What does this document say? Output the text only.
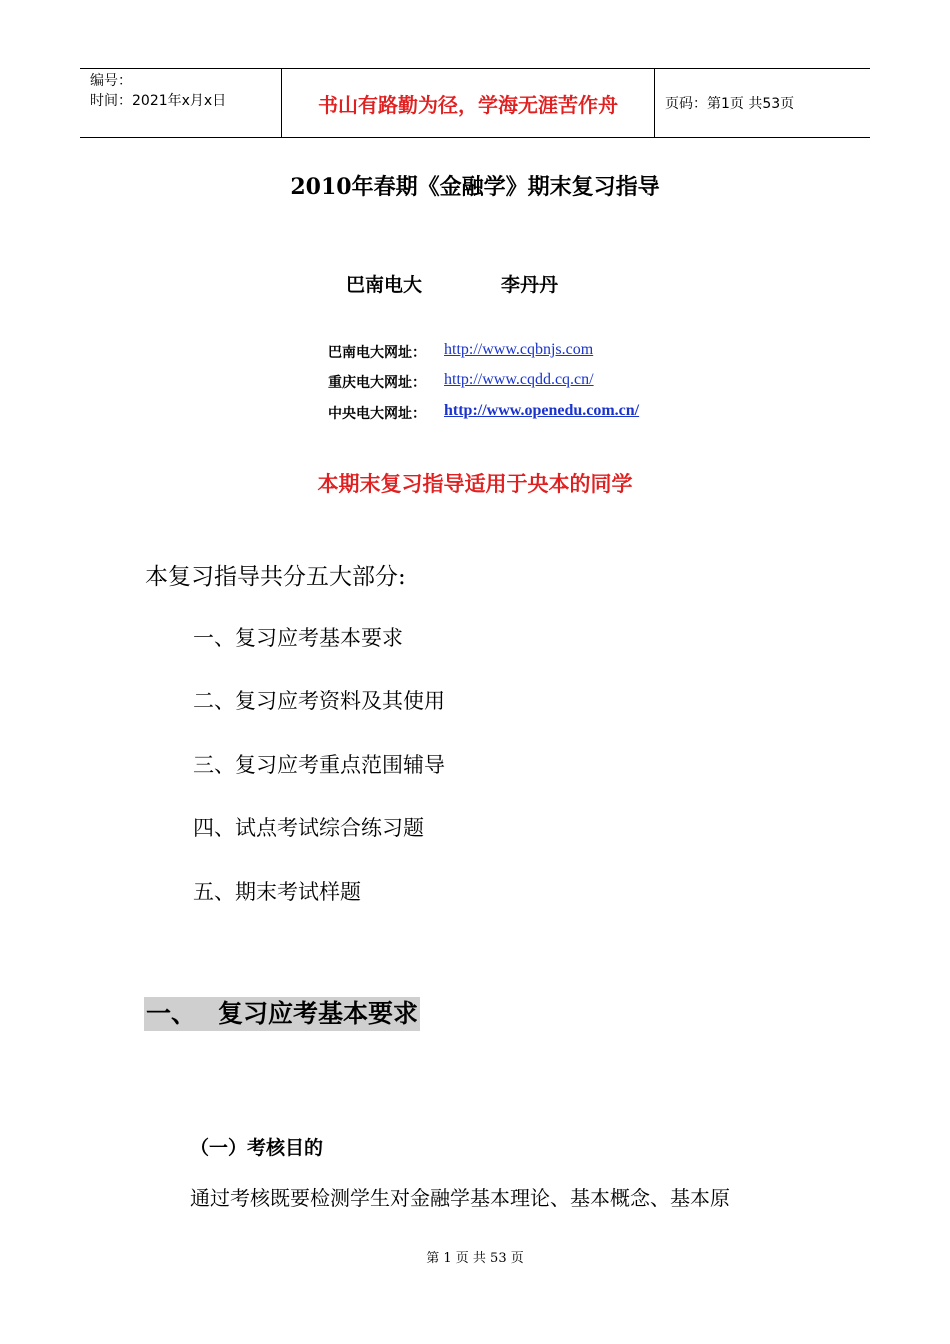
编号：
时间：2021年x月x日	书山有路勤为径，学海无涯苦作舟	页码：第1页 共53页
2010年春期《金融学》期末复习指导
巴南电大	李丹丹
巴南电大网址： http://www.cqbnjs.com
重庆电大网址： http://www.cqdd.cq.cn/
中央电大网址： http://www.openedu.com.cn/
本期末复习指导适用于央本的同学
本复习指导共分五大部分:
一、复习应考基本要求
二、复习应考资料及其使用
三、复习应考重点范围辅导
四、试点考试综合练习题
五、期末考试样题
一、 复习应考基本要求
（一）考核目的
通过考核既要检测学生对金融学基本理论、基本概念、基本原
第 1 页 共 53 页
